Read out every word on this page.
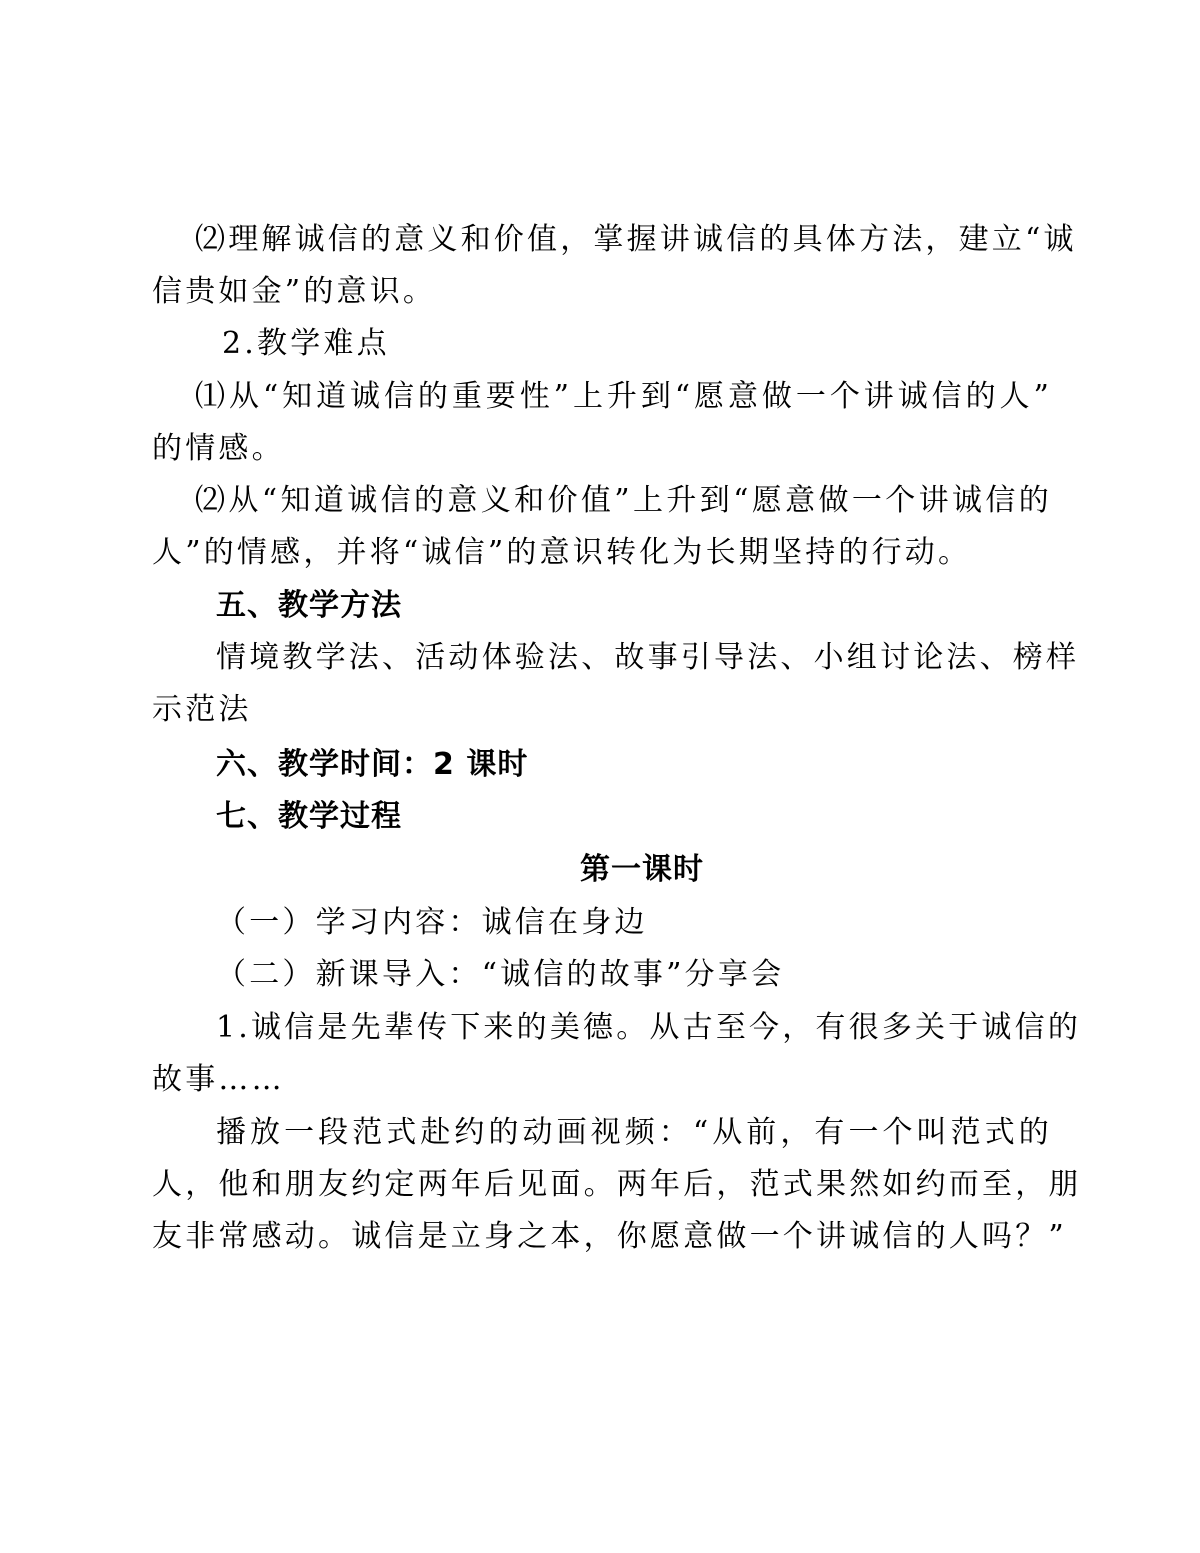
⑵理解诚信的意义和价值，掌握讲诚信的具体方法，建立“诚
信贵如金”的意识。
2.教学难点
⑴从“知道诚信的重要性”上升到“愿意做一个讲诚信的人”
的情感。
⑵从“知道诚信的意义和价值”上升到“愿意做一个讲诚信的
人”的情感，并将“诚信”的意识转化为长期坚持的行动。
五、教学方法
情境教学法、活动体验法、故事引导法、小组讨论法、榜样
示范法
六、教学时间：2 课时
七、教学过程
第一课时
（一）学习内容：诚信在身边
（二）新课导入：“诚信的故事”分享会
1.诚信是先辈传下来的美德。从古至今，有很多关于诚信的
故事……
播放一段范式赴约的动画视频：“从前，有一个叫范式的
人，他和朋友约定两年后见面。两年后，范式果然如约而至，朋
友非常感动。诚信是立身之本，你愿意做一个讲诚信的人吗？”
